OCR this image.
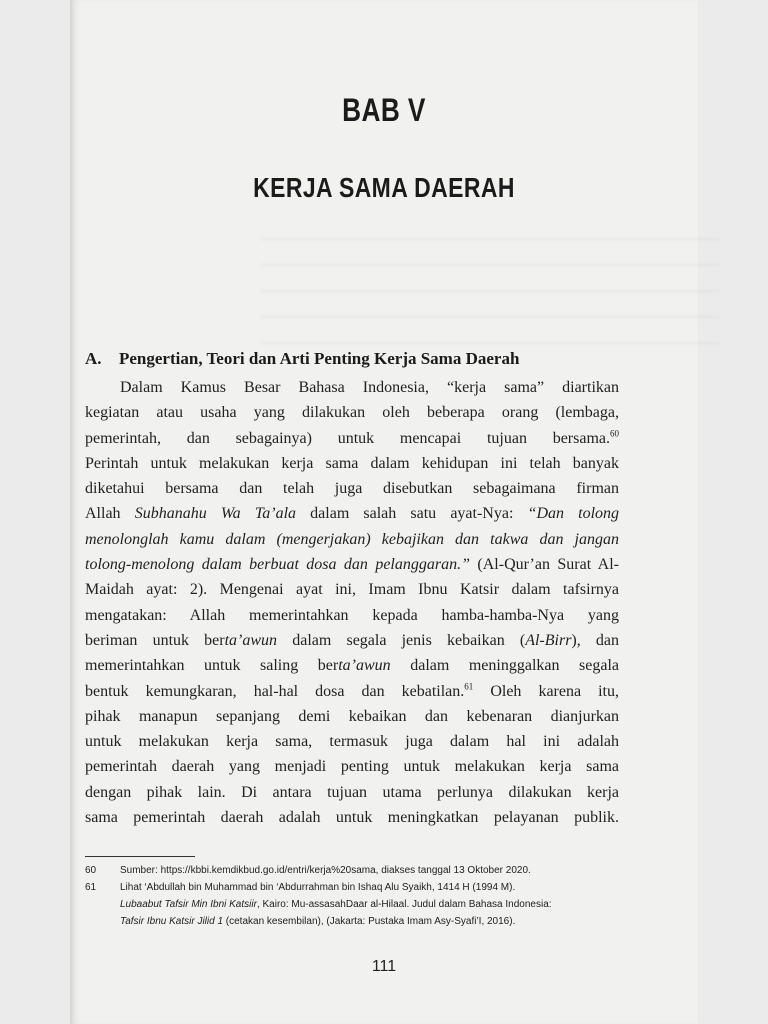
BAB V
KERJA SAMA DAERAH
A. Pengertian, Teori dan Arti Penting Kerja Sama Daerah
Dalam Kamus Besar Bahasa Indonesia, “kerja sama” diartikan
kegiatan atau usaha yang dilakukan oleh beberapa orang (lembaga,
pemerintah, dan sebagainya) untuk mencapai tujuan bersama.$^{60}$
Perintah untuk melakukan kerja sama dalam kehidupan ini telah banyak
diketahui bersama dan telah juga disebutkan sebagaimana firman
Allah Subhanahu Wa Ta’ala dalam salah satu ayat-Nya: “Dan tolong
menolonglah kamu dalam (mengerjakan) kebajikan dan takwa dan jangan
tolong-menolong dalam berbuat dosa dan pelanggaran.” (Al-Qur’an Surat Al-
Maidah ayat: 2). Mengenai ayat ini, Imam Ibnu Katsir dalam tafsirnya
mengatakan: Allah memerintahkan kepada hamba-hamba-Nya yang
beriman untuk berta’awun dalam segala jenis kebaikan (Al-Birr), dan
memerintahkan untuk saling berta’awun dalam meninggalkan segala
bentuk kemungkaran, hal-hal dosa dan kebatilan.$^{61}$ Oleh karena itu,
pihak manapun sepanjang demi kebaikan dan kebenaran dianjurkan
untuk melakukan kerja sama, termasuk juga dalam hal ini adalah
pemerintah daerah yang menjadi penting untuk melakukan kerja sama
dengan pihak lain. Di antara tujuan utama perlunya dilakukan kerja
sama pemerintah daerah adalah untuk meningkatkan pelayanan publik.
60 Sumber: https://kbbi.kemdikbud.go.id/entri/kerja%20sama, diakses tanggal 13 Oktober 2020.
61 Lihat ‘Abdullah bin Muhammad bin ‘Abdurrahman bin Ishaq Alu Syaikh, 1414 H (1994 M).
Lubaabut Tafsir Min Ibni Katsiir, Kairo: Mu-assasahDaar al-Hilaal. Judul dalam Bahasa Indonesia:
Tafsir Ibnu Katsir Jilid 1 (cetakan kesembilan), (Jakarta: Pustaka Imam Asy-Syafi’I, 2016).
111
